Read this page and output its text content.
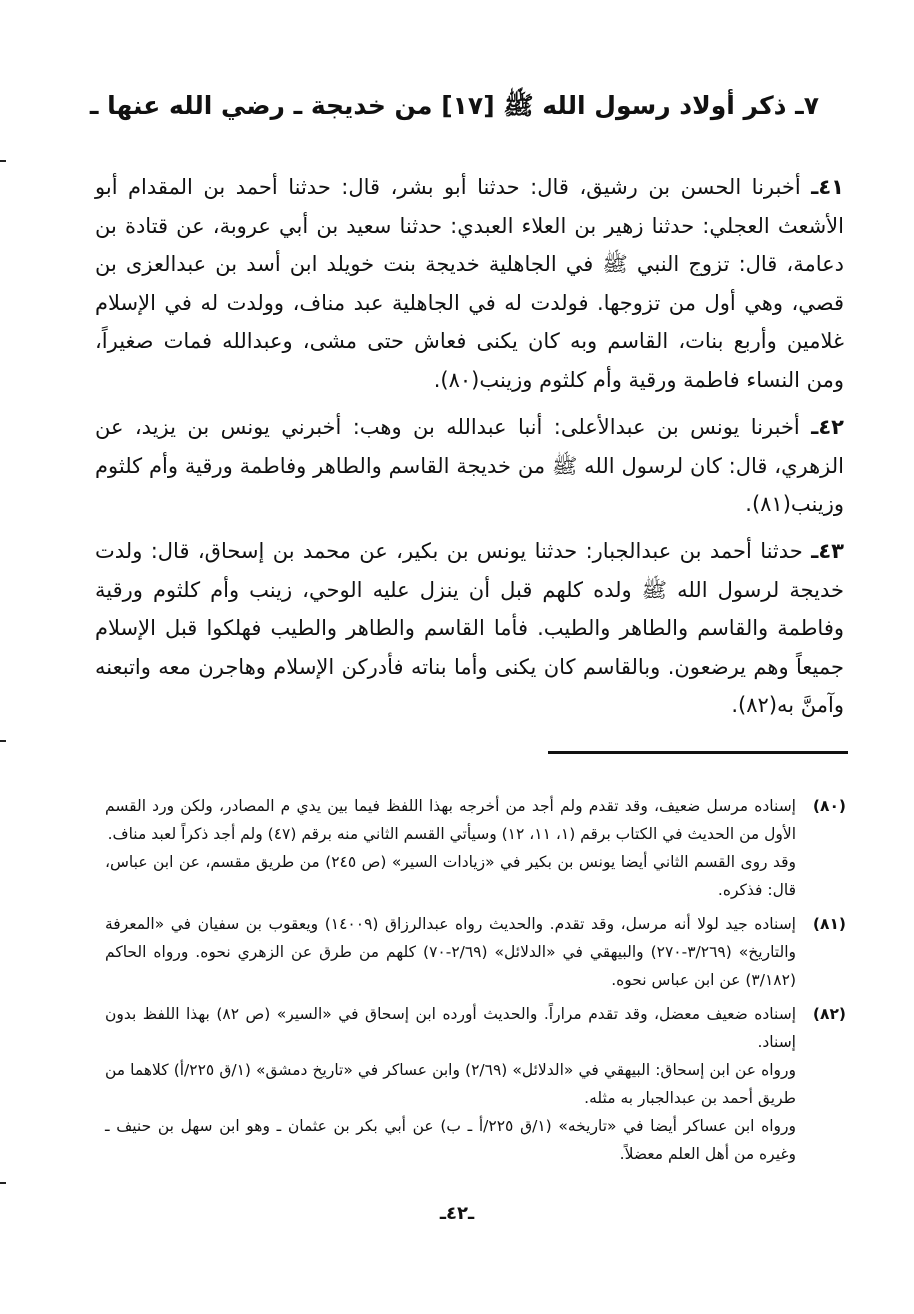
٧ـ ذكر أولاد رسول الله ﷺ [١٧] من خديجة ـ رضي الله عنها ـ

٤١ـ أخبرنا الحسن بن رشيق، قال: حدثنا أبو بشر، قال: حدثنا أحمد بن المقدام أبو الأشعث العجلي: حدثنا زهير بن العلاء العبدي: حدثنا سعيد بن أبي عروبة، عن قتادة بن دعامة، قال: تزوج النبي ﷺ في الجاهلية خديجة بنت خويلد ابن أسد بن عبدالعزى بن قصي، وهي أول من تزوجها. فولدت له في الجاهلية عبد مناف، وولدت له في الإسلام غلامين وأربع بنات، القاسم وبه كان يكنى فعاش حتى مشى، وعبدالله فمات صغيراً، ومن النساء فاطمة ورقية وأم كلثوم وزينب(٨٠).

٤٢ـ أخبرنا يونس بن عبدالأعلى: أنبا عبدالله بن وهب: أخبرني يونس بن يزيد، عن الزهري، قال: كان لرسول الله ﷺ من خديجة القاسم والطاهر وفاطمة ورقية وأم كلثوم وزينب(٨١).

٤٣ـ حدثنا أحمد بن عبدالجبار: حدثنا يونس بن بكير، عن محمد بن إسحاق، قال: ولدت خديجة لرسول الله ﷺ ولده كلهم قبل أن ينزل عليه الوحي، زينب وأم كلثوم ورقية وفاطمة والقاسم والطاهر والطيب. فأما القاسم والطاهر والطيب فهلكوا قبل الإسلام جميعاً وهم يرضعون. وبالقاسم كان يكنى وأما بناته فأدركن الإسلام وهاجرن معه واتبعنه وآمنَّ به(٨٢).

(٨٠)
إسناده مرسل ضعيف، وقد تقدم ولم أجد من أخرجه بهذا اللفظ فيما بين يدي م المصادر، ولكن ورد القسم الأول من الحديث في الكتاب برقم (١، ١١، ١٢) وسيأتي القسم الثاني منه برقم (٤٧) ولم أجد ذكراً لعبد مناف.
وقد روى القسم الثاني أيضا يونس بن بكير في «زيادات السير» (ص ٢٤٥) من طريق مقسم، عن ابن عباس، قال: فذكره.
(٨١)
إسناده جيد لولا أنه مرسل، وقد تقدم. والحديث رواه عبدالرزاق (١٤٠٠٩) ويعقوب بن سفيان في «المعرفة والتاريخ» (٣/٢٦٩-٢٧٠) والبيهقي في «الدلائل» (٢/٦٩-٧٠) كلهم من طرق عن الزهري نحوه. ورواه الحاكم (٣/١٨٢) عن ابن عباس نحوه.
(٨٢)
إسناده ضعيف معضل، وقد تقدم مراراً. والحديث أورده ابن إسحاق في «السير» (ص ٨٢) بهذا اللفظ بدون إسناد.
ورواه عن ابن إسحاق: البيهقي في «الدلائل» (٢/٦٩) وابن عساكر في «تاريخ دمشق» (١/ق ٢٢٥/أ) كلاهما من طريق أحمد بن عبدالجبار به مثله.
ورواه ابن عساكر أيضا في «تاريخه» (١/ق ٢٢٥/أ ـ ب) عن أبي بكر بن عثمان ـ وهو ابن سهل بن حنيف ـ وغيره من أهل العلم معضلاً.
ـ٤٢ـ
